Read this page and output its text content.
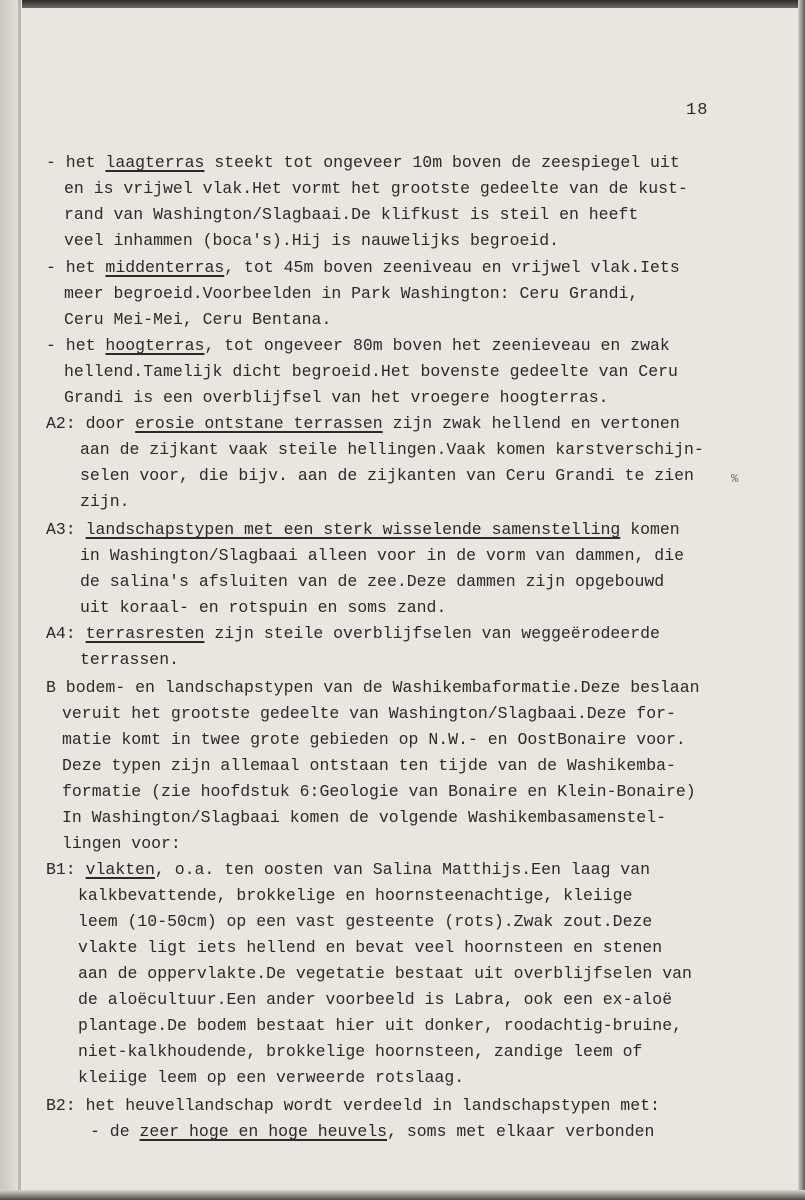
18
%
- het laagterras steekt tot ongeveer 10m boven de zeespiegel uit
en is vrijwel vlak.Het vormt het grootste gedeelte van de kust-
rand van Washington/Slagbaai.De klifkust is steil en heeft
veel inhammen (boca's).Hij is nauwelijks begroeid.
- het middenterras, tot 45m boven zeeniveau en vrijwel vlak.Iets
meer begroeid.Voorbeelden in Park Washington: Ceru Grandi,
Ceru Mei-Mei, Ceru Bentana.
- het hoogterras, tot ongeveer 80m boven het zeenieveau en zwak
hellend.Tamelijk dicht begroeid.Het bovenste gedeelte van Ceru
Grandi is een overblijfsel van het vroegere hoogterras.
A2: door erosie ontstane terrassen zijn zwak hellend en vertonen
aan de zijkant vaak steile hellingen.Vaak komen karstverschijn-
selen voor, die bijv. aan de zijkanten van Ceru Grandi te zien
zijn.
A3: landschapstypen met een sterk wisselende samenstelling komen
in Washington/Slagbaai alleen voor in de vorm van dammen, die
de salina's afsluiten van de zee.Deze dammen zijn opgebouwd
uit koraal- en rotspuin en soms zand.
A4: terrasresten zijn steile overblijfselen van weggeërodeerde
terrassen.
B bodem- en landschapstypen van de Washikembaformatie.Deze beslaan
veruit het grootste gedeelte van Washington/Slagbaai.Deze for-
matie komt in twee grote gebieden op N.W.- en OostBonaire voor.
Deze typen zijn allemaal ontstaan ten tijde van de Washikemba-
formatie (zie hoofdstuk 6:Geologie van Bonaire en Klein-Bonaire)
In Washington/Slagbaai komen de volgende Washikembasamenstel-
lingen voor:
B1: vlakten, o.a. ten oosten van Salina Matthijs.Een laag van
kalkbevattende, brokkelige en hoornsteenachtige, kleiige
leem (10-50cm) op een vast gesteente (rots).Zwak zout.Deze
vlakte ligt iets hellend en bevat veel hoornsteen en stenen
aan de oppervlakte.De vegetatie bestaat uit overblijfselen van
de aloëcultuur.Een ander voorbeeld is Labra, ook een ex-aloë
plantage.De bodem bestaat hier uit donker, roodachtig-bruine,
niet-kalkhoudende, brokkelige hoornsteen, zandige leem of
kleiige leem op een verweerde rotslaag.
B2: het heuvellandschap wordt verdeeld in landschapstypen met:
- de zeer hoge en hoge heuvels, soms met elkaar verbonden
